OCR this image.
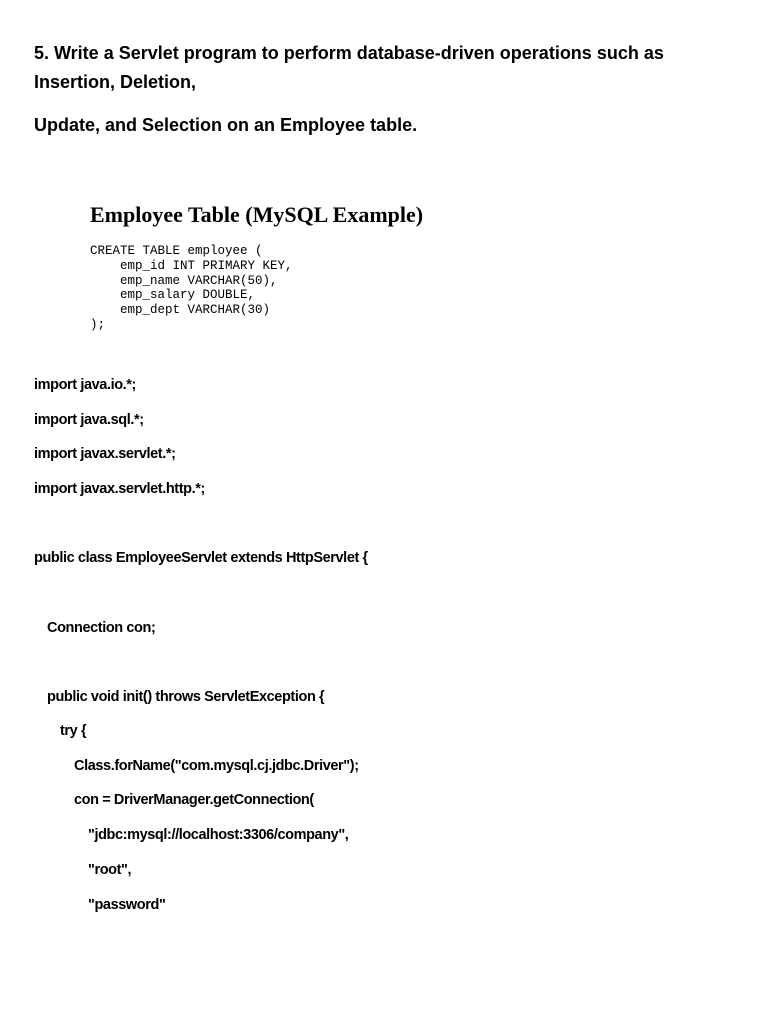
5. Write a Servlet program to perform database-driven operations such as

Insertion, Deletion,

Update, and Selection on an Employee table.

Employee Table (MySQL Example)
CREATE TABLE employee (
emp_id INT PRIMARY KEY,
emp_name VARCHAR(50),
emp_salary DOUBLE,
emp_dept VARCHAR(30)
);
import java.io.*;
import java.sql.*;
import javax.servlet.*;
import javax.servlet.http.*;
public class EmployeeServlet extends HttpServlet {
Connection con;
public void init() throws ServletException {
try {
Class.forName("com.mysql.cj.jdbc.Driver");
con = DriverManager.getConnection(
"jdbc:mysql://localhost:3306/company",
"root",
"password"
